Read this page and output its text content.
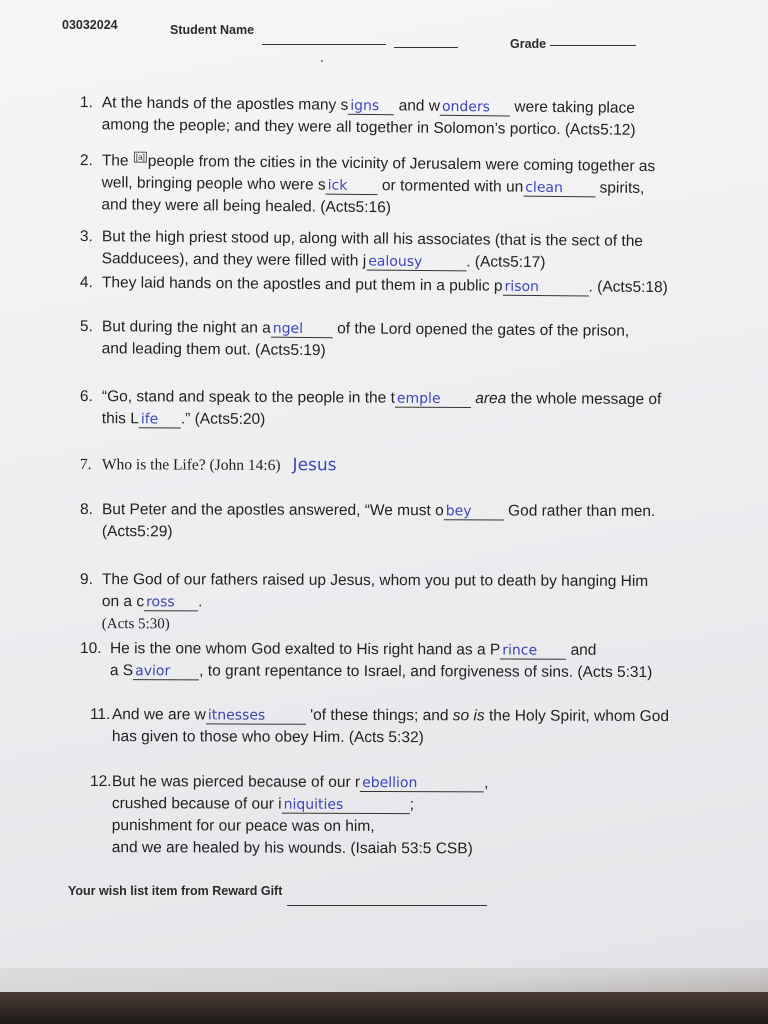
03032024	Student Name
Grade
1. At the hands of the apostles many s igns and w onders were taking place
among the people; and they were all together in Solomon’s portico. (Acts5:12)
2. The [a] people from the cities in the vicinity of Jerusalem were coming together as
well, bringing people who were s ick or tormented with un clean spirits,
and they were all being healed. (Acts5:16)
3. But the high priest stood up, along with all his associates (that is the sect of the
Sadducees), and they were filled with j ealousy	. (Acts5:17)
4. They laid hands on the apostles and put them in a public p rison	. (Acts5:18)
5. But during the night an a ngel of the Lord opened the gates of the prison,
and leading them out. (Acts5:19)
6. “Go, stand and speak to the people in the t emple area the whole message of
this L ife .” (Acts5:20)
7. Who is the Life? (John 14:6) Jesus
8. But Peter and the apostles answered, “We must o bey God rather than men.
(Acts5:29)
9. The God of our fathers raised up Jesus, whom you put to death by hanging Him
on a c ross .
(Acts 5:30)
10. He is the one whom God exalted to His right hand as a P rince and
a S avior , to grant repentance to Israel, and forgiveness of sins. (Acts 5:31)
11.And we are w itnesses	'of these things; and so is the Holy Spirit, whom God
has given to those who obey Him. (Acts 5:32)
12.But he was pierced because of our r ebellion	,
crushed because of our i niquities	;
punishment for our peace was on him,
and we are healed by his wounds. (Isaiah 53:5 CSB)
Your wish list item from Reward Gift
